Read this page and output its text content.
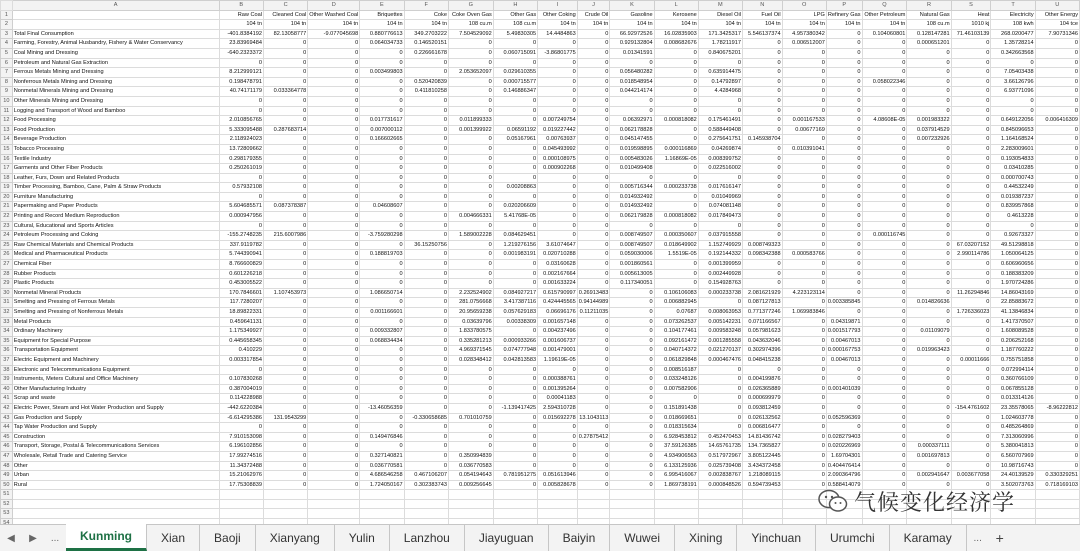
	A	B	C	D	E	F	G	H	I	J	K	L	M	N	O	P	Q	R	S	T	U
1		Raw Coal	Cleaned Coal	Other Washed Coal	Briquettes	Coke	Coke Oven Gas	Other Gas	Other Coking	Crude Oil	Gasoline	Kerosene	Diesel Oil	Fuel Oil	LPG	Refinery Gas	Other Petroleum	Natural Gas	Heat	Electricity	Other Energy
2		104 tn	104 tn	104 tn	104 tn	104 tn	108 cu.m	108 cu.m	104 tn	104 tn	104 tn	104 tn	104 tn	104 tn	104 tn	104 tn	104 tn	108 cu.m	1010 kj	108 kwh	104 tce
3	Total Final Consumption	-401.8384192	82.13058777	-9.077045698	0.880776613	349.2703222	7.504529092	5.49830305	14.4484863	0	66.92972526	16.02835903	171.3425317	5.546137374	4.957380342	0	0.104060801	0.128147281	71.46103139	268.0200477	7.90731346
4	Farming, Forestry, Animal Husbandry, Fishery & Water Conservancy	23.83969484	0	0	0.064034733	0.146520151	0	0	0	0	0.929132804	0.008682676	1.78211917	0	0.006512007	0	0	0.000651201	0	1.35728214	0
5	Coal Mining and Dressing	-640.2323372	0	0	0	0.226661678	0	0.060715091	-3.86801775	0	0.01341591	0	0.840675201	0	0	0	0	0	0	0.342663568	0
6	Petroleum and Natural Gas Extraction	0	0	0	0	0	0	0	0	0	0	0	0	0	0	0	0	0	0	0	0
7	Ferrous Metals Mining and Dressing	8.212999121	0	0	0.003499803	0	2.053652097	0.029610355	0	0	0.056480282	0	0.635914475	0	0	0	0	0	0	7.05403438	0
8	Nonferrous Metals Mining and Dressing	0.198478791	0	0	0	0.520420839	0	0.000715577	0	0	0.018548954	0	0.14792897	0	0	0	0.058022346	0	0	3.66126796	0
9	Nonmetal Minerals Mining and Dressing	40.74171179	0.033364778	0	0	0.411810258	0	0.146886347	0	0	0.044214174	0	4.4284968	0	0	0	0	0	0	6.93771096	0
10	Other Minerals Mining and Dressing	0	0	0	0	0	0	0	0	0	0	0	0	0	0	0	0	0	0	0	0
11	Logging and Transport of Wood and Bamboo	0	0	0	0	0	0	0	0	0	0	0	0	0	0	0	0	0	0	0	0
12	Food Processing	2.010856765	0	0	0.017731617	0	0.011899333	0	0.007249754	0	0.06392971	0.000818082	0.175461491	0	0.001167533	0	4.08608E-05	0.001983322	0	0.649122056	0.006416309
13	Food Production	5.333095488	0.287683714	0	0.007000112	0	0.001399922	0.06591192	0.019227442	0	0.062178828	0	0.588449408	0	0.00677169	0	0	0.037914529	0	0.845096653	0
14	Beverage Production	2.118924023	0	0	0.166602665	0	0	0.05167961	0.00763937	0	0.045147455	0	0.275641751	0.145938704	0	0	0	0.007232926	0	1.164168524	0
15	Tobacco Processing	13.72809662	0	0	0	0	0	0	0.045493992	0	0.019598895	0.000116869	0.04269874	0	0.010391041	0	0	0	0	2.283009601	0
16	Textile Industry	0.298179355	0	0	0	0	0	0	0.000108975	0	0.005483026	1.16869E-05	0.008399752	0	0	0	0	0	0	0.193054833	0
17	Garments and Other Fiber Products	0.250261019	0	0	0	0	0	0	0.000902268	0	0.010499408	0	0.022516002	0	0	0	0	0	0	0.03410285	0
18	Leather, Furs, Down and Related Products	0	0	0	0	0	0	0	0	0	0	0	0	0	0	0	0	0	0	0.000700743	0
19	Timber Processing, Bamboo, Cane, Palm & Straw Products	0.57932108	0	0	0	0	0	0.00208863	0	0	0.005716344	0.000233738	0.017616147	0	0	0	0	0	0	0.44532249	0
20	Furniture Manufacturing	0	0	0	0	0	0	0	0	0	0.014932492	0	0.01049969	0	0	0	0	0	0	0.019387237	0
21	Papermaking and Paper Products	5.604685571	0.087378387	0	0.04608607	0	0	0.020206609	0	0	0.014932492	0	0.074081148	0	0	0	0	0	0	0.839957868	0
22	Printing and Record Medium Reproduction	0.000947956	0	0	0	0	0.004666331	5.41768E-05	0	0	0.062179828	0.000818082	0.017849473	0	0	0	0	0	0	0.4613228	0
23	Cultural, Educational and Sports Articles	0	0	0	0	0	0	0	0	0	0	0	0	0	0	0	0	0	0	0	0
24	Petroleum Processing and Coking	-155.2748235	215.6007986	0	-3.759280298	0	1.589002228	0.084629451	0	0	0.008749507	0.000350607	0.037915558	0	0	0	0.000116745	0	0	0.92673327	0
25	Raw Chemical Materials and Chemical Products	337.9119782	0	0	0	36.15250756	0	1.219276156	3.61074647	0	0.008749507	0.018649902	1.152749929	0.008749323	0	0	0	0	67.03207152	49.51298818	0
26	Medical and Pharmaceutical Products	5.744390941	0	0	0.188819703	0	0	0.001983191	0.020710288	0	0.059030006	1.5519E-05	0.192144332	0.098342388	0.000583766	0	0	0	2.990114786	1.050064125	0
27	Chemical Fiber	8.766600829	0	0	0	0	0	0	0.03160628	0	0.001860561	0	0.001399959	0	0	0	0	0	0	0.606960656	0
28	Rubber Products	0.601226218	0	0	0	0	0	0	0.002167664	0	0.005613005	0	0.002449928	0	0	0	0	0	0	0.188383209	0
29	Plastic Products	0.453005522	0	0	0	0	0	0	0.001633224	0	0.117340051	0	0.154928763	0	0	0	0	0	0	1.970724286	0
30	Nonmetal Mineral Products	170.7846601	1.107453973	0	1.086650714	0	2.232524902	0.084927217	0.615790997	0.26913483	0	0.106106083	0.000233738	2.081621929	4.223123114	0	0	0	11.26294846	14.86043169	0
31	Smelting and Pressing of Ferrous Metals	117.7280207	0	0	0	0	281.0756668	3.417387116	0.424445565	0.94144989	0	0.006882945	0	0.087127813	0	0.003385845	0	0.014826636	0	22.85883672	0
32	Smelting and Pressing of Nonferrous Metals	18.89822331	0	0	0.001166601	0	20.95659238	0.057629183	0.06696176	0.11211035	0	0.07687	0.008063953	0.771377246	1.069983846	0	0	0	1.726336023	41.13846834	0
33	Metal Products	0.459641131	0	0	0	0	0.03639796	0.00338309	0.001657148	0	0	0.073262537	0.005142231	0.071166567	0	0.04319871	0	0	0	1.417370507	0
34	Ordinary Machinery	1.175349927	0	0	0.009332807	0	1.833780575	0	0.004237496	0	0	0.104177461	0.009583248	0.057981623	0	0.001517793	0	0.01109079	0	1.608089528	0
35	Equipment for Special Purpose	0.445658345	0	0	0.068834434	0	0.335281213	0.000933266	0.001606737	0	0	0.092161472	0.001285558	0.043632046	0	0.00467013	0	0	0	0.206252168	0
36	Transportation Equipment	0.410229	0	0	0	0	4.969371545	0.074777948	0.001479001	0	0	0.040714372	0.021270137	0.302974396	0	0.000167753	0	0.019963423	0	1.187760222	0
37	Electric Equipment and Machinery	0.003317854	0	0	0	0	0.028348412	0.042813583	1.19619E-05	0	0	0.061829848	0.000467476	0.048415238	0	0.00467013	0	0	0.00011666	0.755751858	0
38	Electronic and Telecommunications Equipment	0	0	0	0	0	0	0	0	0	0	0.008516187	0	0	0	0	0	0	0	0.072994114	0
39	Instruments, Meters Cultural and Office Machinery	0.107830268	0	0	0	0	0	0	0.000388761	0	0	0.033248126	0	0.004199876	0	0	0	0	0	0.360766109	0
40	Other Manufacturing Industry	0.387004019	0	0	0	0	0	0	0.001395264	0	0	0.007582906	0	0.026365889	0	0.001401039	0	0	0	0.067855128	0
41	Scrap and waste	0.114228988	0	0	0	0	0	0	0.00041183	0	0	0	0	0.000699979	0	0	0	0	0	0.013314126	0
42	Electric Power, Steam and Hot Water Production and Supply	-442.6220384	0	0	-13.46056359	0	0	-1.139417425	2.594310728	0	0	0.151891438	0	0.093812459	0	0	0	0	-154.4761602	23.35578065	-8.96222812
43	Gas Production and Supply	-6.614295386	131.9543299	0	0	-0.330658685	0.701010759	0	0.015692278	13.1043113	0	0.018669651	0	0.026132562	0	0.052596369	0	0	0	1.024603778	0
44	Tap Water Production and Supply	0	0	0	0	0	0	0	0	0	0	0.018315634	0	0.006816477	0	0	0	0	0	0.485264869	0
45	Construction	7.910153098	0	0	0.149476846	0	0	0	0	0.27875412	0	6.928453812	0.452470453	14.81436742	0	0.028279403	0	0	0	7.313060996	0
46	Transport, Storage, Postal & Telecommunications Services	6.196102856	0	0	0	0	0	0	0	0	0	37.59126385	14.65761735	134.7365827	0	0.020226969	0	0.000337111	0	5.380041813	0
47	Wholesale, Retail Trade and Catering Service	17.99274516	0	0	0.327140821	0	0.350994839	0	0	0	0	4.934906563	0.517972967	3.805122445	0	1.69704301	0	0.001697813	0	6.560707969	0
48	Other	11.34372488	0	0	0.036770581	0	0.036770583	0	0	0	0	6.133125936	0.025739408	3.434372458	0	0.404476414	0	0	0	10.98716743	0
49	Urban	15.21062976	0	0	4.686546258	0.467106207	0.054194643	0.781951275	0.051613946	0	0	6.995416067	0.002838767	1.218089115	0	2.090364796	0	0.002941647	0.003677058	24.40139529	0.330329251
50	Rural	17.75308839	0	0	1.724050167	0.302383743	0.009256645	0	0.005828678	0	0	1.869738191	0.000848526	0.594739453	0	0.588414079	0	0	0	3.502073763	0.718169103
51																					
52																					
53																					
54																					
气候变化经济学
◀	▶	...	Kunming	Xian	Baoji	Xianyang	Yulin	Lanzhou	Jiayuguan	Baiyin	Wuwei	Xining	Yinchuan	Urumchi	Karamay	... +
